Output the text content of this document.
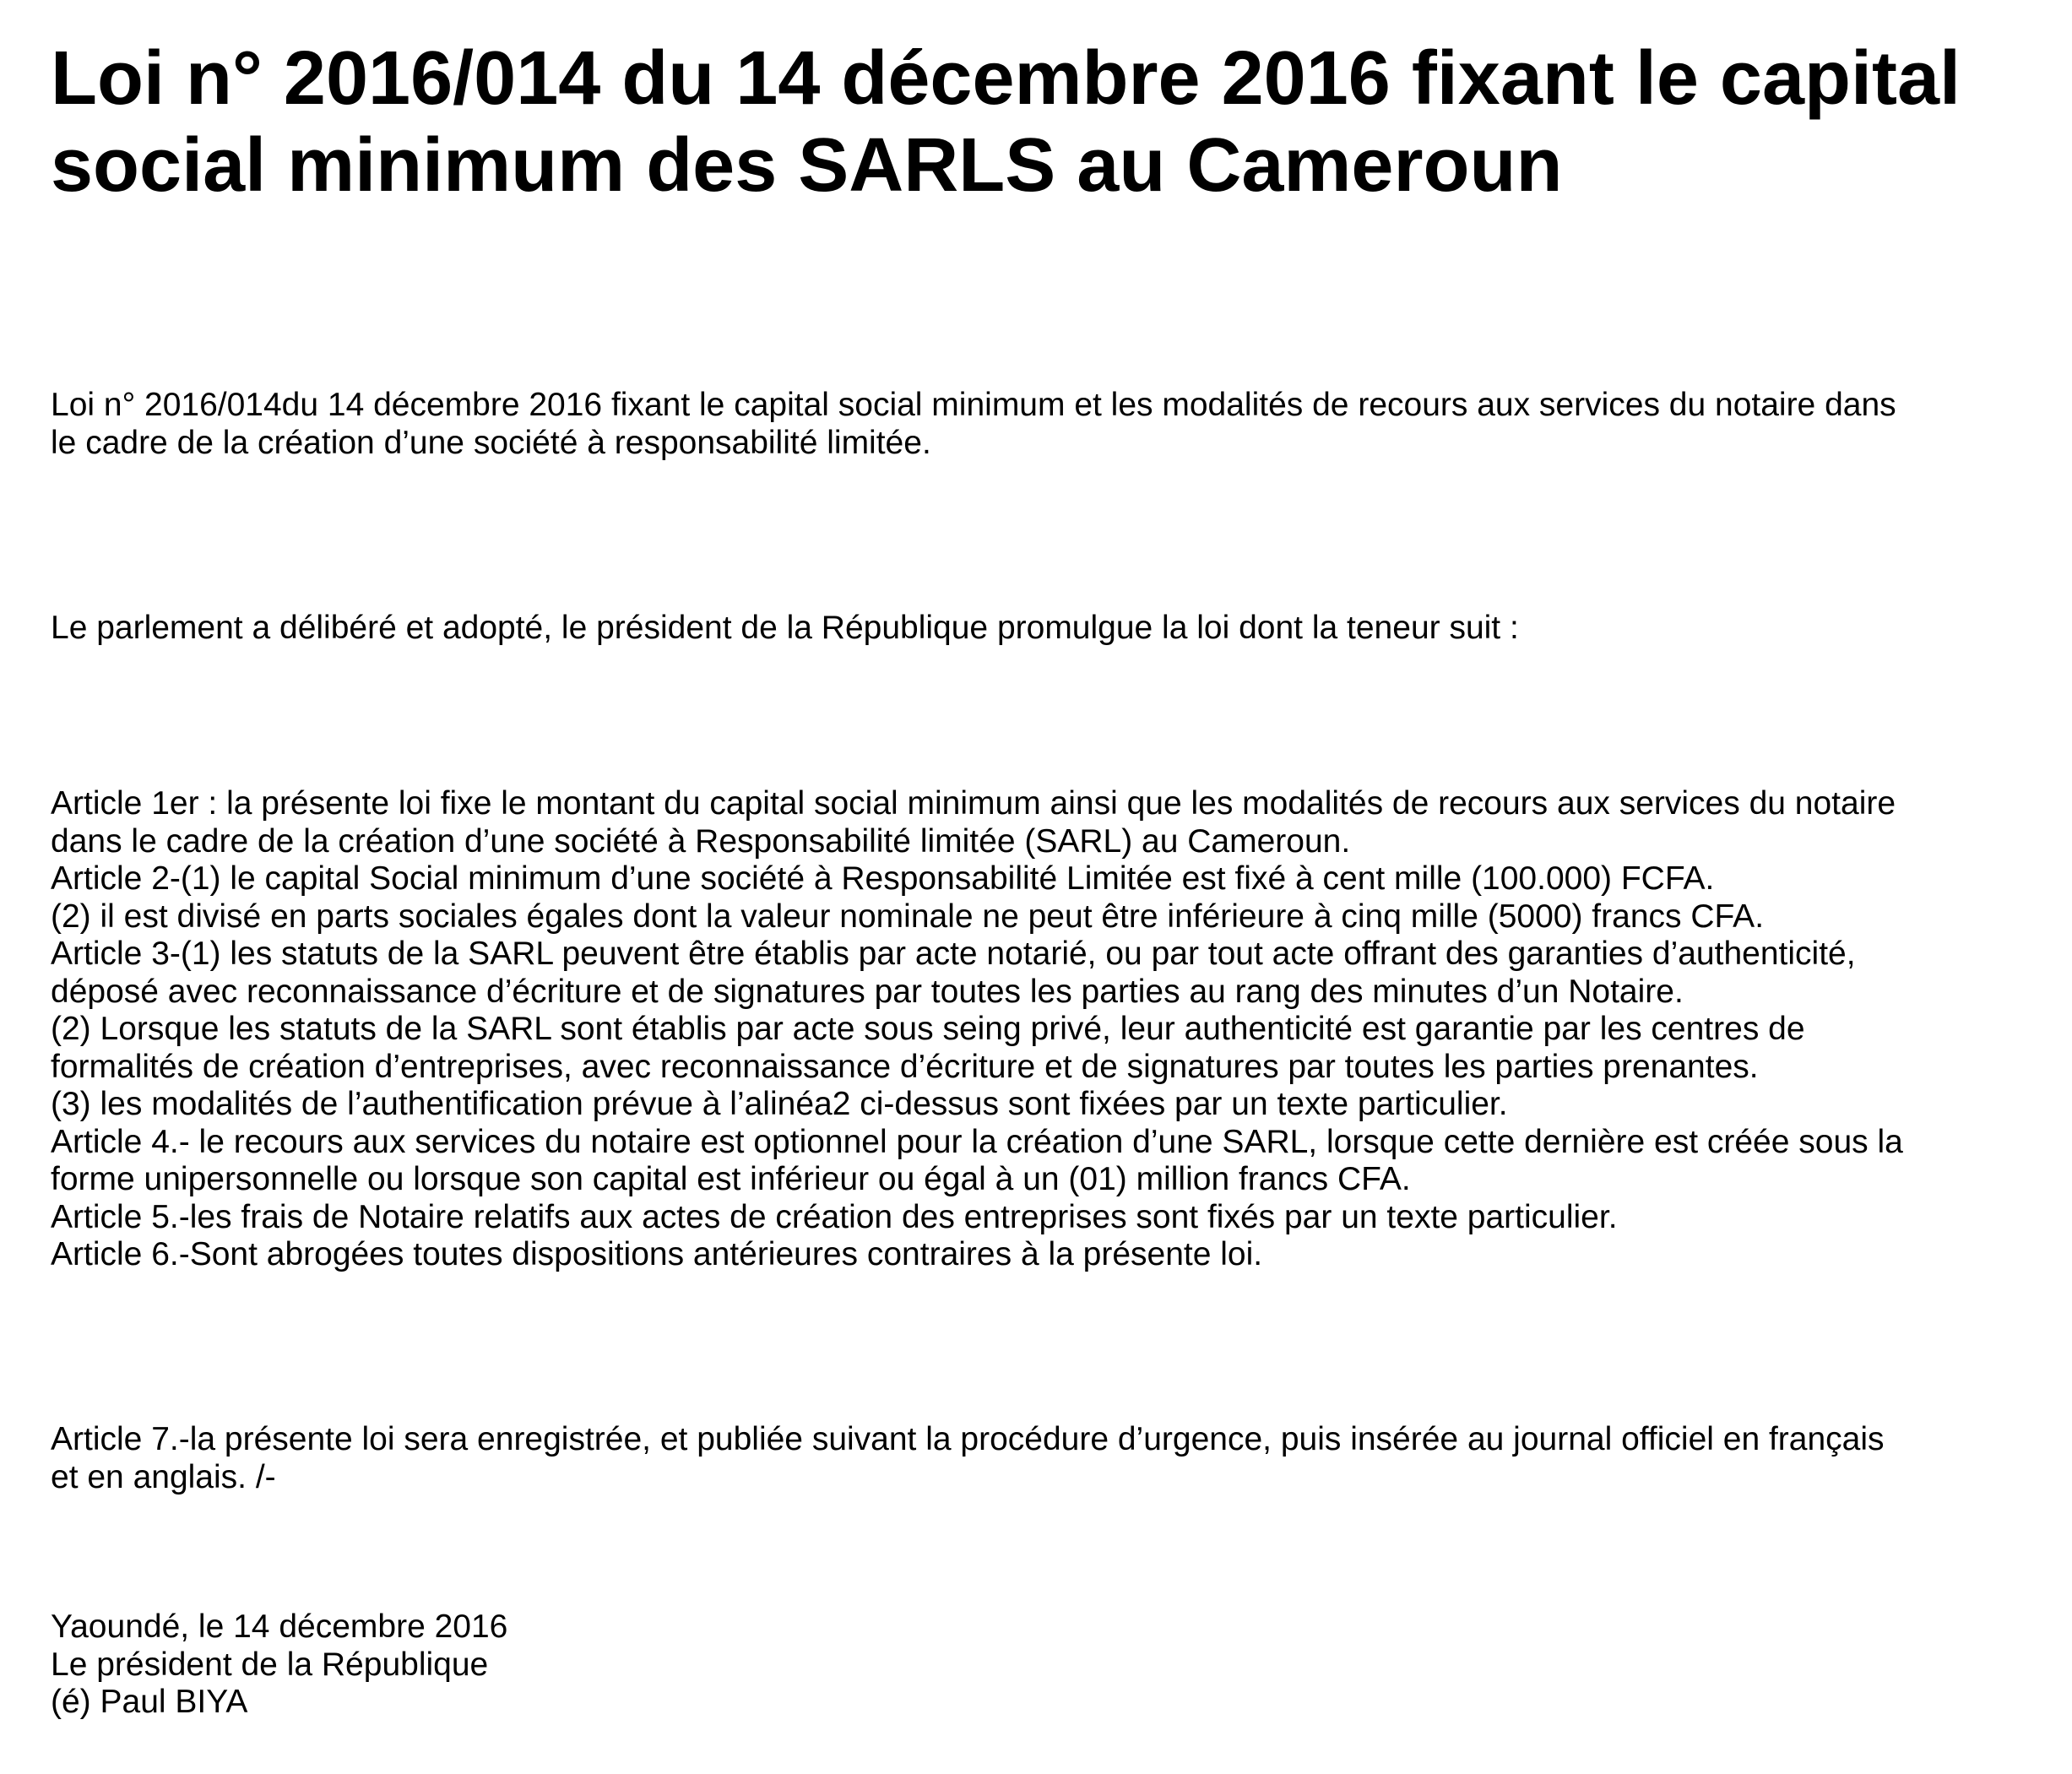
Loi n° 2016/014 du 14 décembre 2016 fixant le capital
social minimum des SARLS au Cameroun

Loi n° 2016/014du 14 décembre 2016 fixant le capital social minimum et les modalités de recours aux services du notaire dans
le cadre de la création d’une société à responsabilité limitée.

Le parlement a délibéré et adopté, le président de la République promulgue la loi dont la teneur suit :

Article 1er : la présente loi fixe le montant du capital social minimum ainsi que les modalités de recours aux services du notaire
dans le cadre de la création d’une société à Responsabilité limitée (SARL) au Cameroun.
Article 2-(1) le capital Social minimum d’une société à Responsabilité Limitée est fixé à cent mille (100.000) FCFA.
(2) il est divisé en parts sociales égales dont la valeur nominale ne peut être inférieure à cinq mille (5000) francs CFA.
Article 3-(1) les statuts de la SARL peuvent être établis par acte notarié, ou par tout acte offrant des garanties d’authenticité,
déposé avec reconnaissance d’écriture et de signatures par toutes les parties au rang des minutes d’un Notaire.
(2) Lorsque les statuts de la SARL sont établis par acte sous seing privé, leur authenticité est garantie par les centres de
formalités de création d’entreprises, avec reconnaissance d’écriture et de signatures par toutes les parties prenantes.
(3) les modalités de l’authentification prévue à l’alinéa2 ci-dessus sont fixées par un texte particulier.
Article 4.- le recours aux services du notaire est optionnel pour la création d’une SARL, lorsque cette dernière est créée sous la
forme unipersonnelle ou lorsque son capital est inférieur ou égal à un (01) million francs CFA.
Article 5.-les frais de Notaire relatifs aux actes de création des entreprises sont fixés par un texte particulier.
Article 6.-Sont abrogées toutes dispositions antérieures contraires à la présente loi.

Article 7.-la présente loi sera enregistrée, et publiée suivant la procédure d’urgence, puis insérée au journal officiel en français
et en anglais. /-

Yaoundé, le 14 décembre 2016
Le président de la République
(é) Paul BIYA
